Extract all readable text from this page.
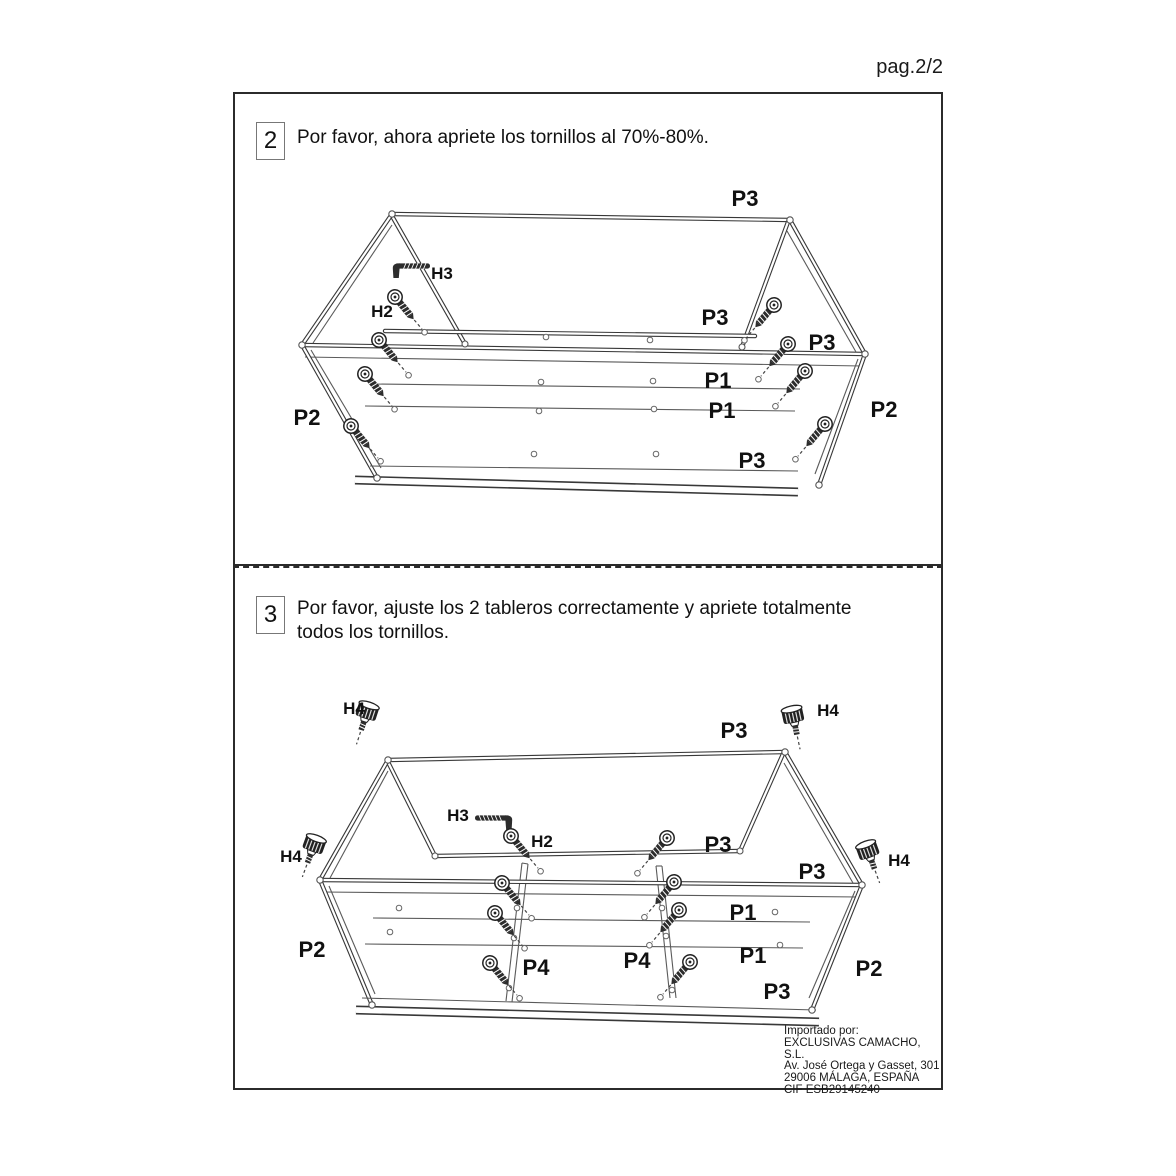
pag.2/2
2	Por favor, ahora apriete los tornillos al 70%-80%.
P3
H3
H2	P3
P3
P1
P1
P2	P2
P3
3	Por favor, ajuste los 2 tableros correctamente y apriete totalmente
todos los tornillos.
H4
P3
H4
H4	H4
H3
H2	P3
P3
P1
P1
P2
P2
P4	P4
P3
Importado por:
EXCLUSIVAS CAMACHO, S.L.
Av. José Ortega y Gasset, 301
29006 MÁLAGA, ESPAÑA
CIF ESB29145240
